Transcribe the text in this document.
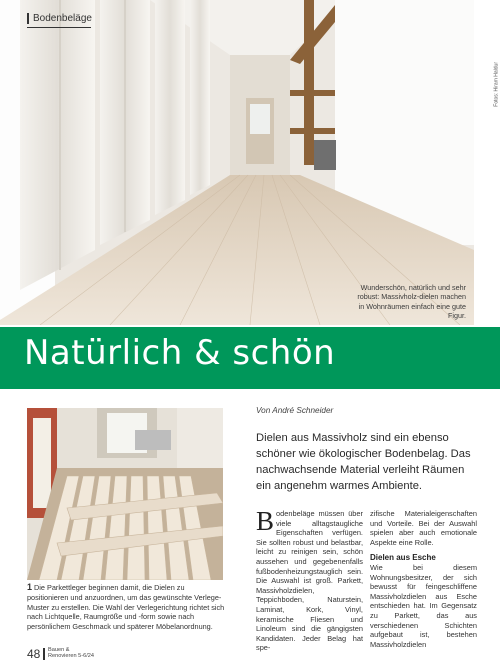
Bodenbeläge
Wunderschön, natürlich und sehr robust: Massivholz-dielen machen in Wohnräumen einfach eine gute Figur.
Fotos: Hiram Haldur
Natürlich & schön
1 Die Parkettleger beginnen damit, die Dielen zu positionieren und anzuordnen, um das gewünschte Verlege-Muster zu erstellen. Die Wahl der Verlegerichtung richtet sich nach Lichtquelle, Raumgröße und -form sowie nach persönlichem Geschmack und späterer Möbelanordnung.
Von André Schneider
Dielen aus Massivholz sind ein ebenso schöner wie ökologischer Bodenbelag. Das nachwachsende Material verleiht Räumen ein angenehm warmes Ambiente.
Bodenbeläge müssen über viele alltagstaugliche Eigenschaften verfügen. Sie sollten robust und belastbar, leicht zu reinigen sein, schön aussehen und gegebenenfalls fußbodenheizungstauglich sein. Die Auswahl ist groß. Parkett, Massivholzdielen, Teppichboden, Naturstein, Laminat, Kork, Vinyl, keramische Fliesen und Linoleum sind die gängigsten Kandidaten. Jeder Belag hat spe-
zifische Materialeigenschaften und Vorteile. Bei der Auswahl spielen aber auch emotionale Aspekte eine Rolle.
Dielen aus Esche
Wie bei diesem Wohnungsbesitzer, der sich bewusst für feingeschliffene Massivholzdielen aus Esche entschieden hat. Im Gegensatz zu Parkett, das aus verschiedenen Schichten aufgebaut ist, bestehen Massivholzdielen
48 Bauen &
Renovieren 5-6/24
